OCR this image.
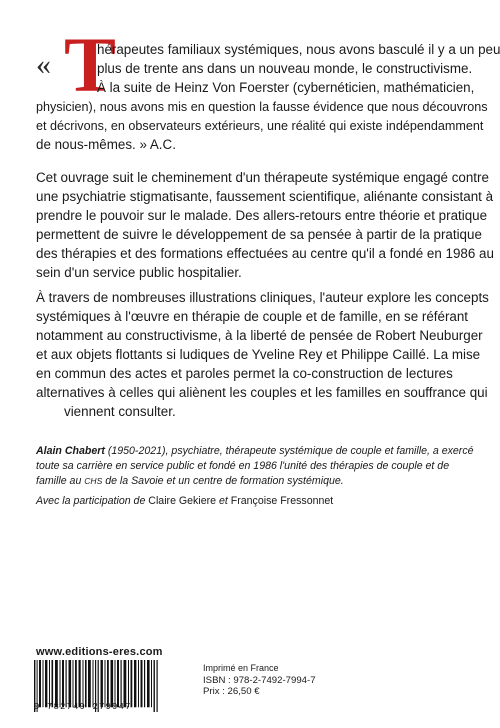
« T
hérapeutes familiaux systémiques, nous avons basculé il y a un peu
plus de trente ans dans un nouveau monde, le constructivisme.
À la suite de Heinz Von Foerster (cybernéticien, mathématicien,
physicien), nous avons mis en question la fausse évidence que nous découvrons
et décrivons, en observateurs extérieurs, une réalité qui existe indépendamment
de nous-mêmes. » A.C.
Cet ouvrage suit le cheminement d'un thérapeute systémique engagé contre
une psychiatrie stigmatisante, faussement scientifique, aliénante consistant à
prendre le pouvoir sur le malade. Des allers-retours entre théorie et pratique
permettent de suivre le développement de sa pensée à partir de la pratique
des thérapies et des formations effectuées au centre qu'il a fondé en 1986 au
sein d'un service public hospitalier.
À travers de nombreuses illustrations cliniques, l'auteur explore les concepts
systémiques à l'œuvre en thérapie de couple et de famille, en se référant
notamment au constructivisme, à la liberté de pensée de Robert Neuburger
et aux objets flottants si ludiques de Yveline Rey et Philippe Caillé. La mise
en commun des actes et paroles permet la co-construction de lectures
alternatives à celles qui aliènent les couples et les familles en souffrance qui
viennent consulter.
Alain Chabert (1950-2021), psychiatre, thérapeute systémique de couple et famille, a exercé
toute sa carrière en service public et fondé en 1986 l'unité des thérapies de couple et de
famille au CHS de la Savoie et un centre de formation systémique.
Avec la participation de Claire Gekiere et Françoise Fressonnet
www.editions-eres.com
9 782749 279947
Imprimé en France
ISBN : 978-2-7492-7994-7
Prix : 26,50 €
